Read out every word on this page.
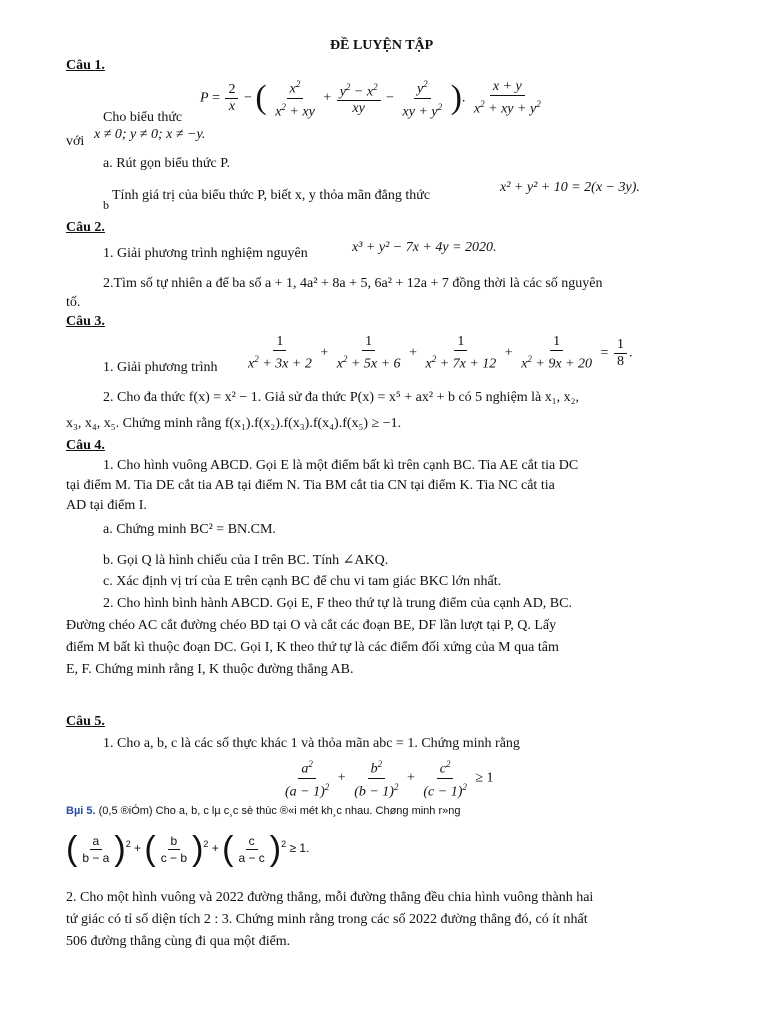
ĐỀ LUYỆN TẬP
Câu 1.
$P = \frac{2}{x}$ − ( $\frac{x^2}{x^2 + xy} + \frac{y^2 - x^2}{xy} - \frac{y^2}{xy + y^2}$ ). $\frac{x + y}{x^2 + xy + y^2}$
Cho biểu thức
với x ≠ 0; y ≠ 0; x ≠ −y.
a. Rút gọn biểu thức P.
b
Tính giá trị của biểu thức P, biết x, y thỏa mãn đẳng thức
x² + y² + 10 = 2(x − 3y).
Câu 2.
1. Giải phương trình nghiệm nguyên	x³ + y² − 7x + 4y = 2020.
2.Tìm số tự nhiên a để ba số a + 1, 4a² + 8a + 5, 6a² + 12a + 7 đồng thời là các số nguyên
tố.
Câu 3.
1. Giải phương trình $\frac{1}{x^2 + 3x + 2} + \frac{1}{x^2 + 5x + 6} + \frac{1}{x^2 + 7x + 12} + \frac{1}{x^2 + 9x + 20} = \frac{1}{8}$ .
2. Cho đa thức f(x) = x² − 1. Giả sử đa thức P(x) = x⁵ + ax² + b có 5 nghiệm là x₁, x₂,
x₃, x₄, x₅. Chứng minh rằng f(x₁).f(x₂).f(x₃).f(x₄).f(x₅) ≥ −1.
Câu 4.
1. Cho hình vuông ABCD. Gọi E là một điểm bất kì trên cạnh BC. Tia AE cắt tia DC
tại điểm M. Tia DE cắt tia AB tại điểm N. Tia BM cắt tia CN tại điểm K. Tia NC cắt tia
AD tại điểm I.
a. Chứng minh BC² = BN.CM.
b. Gọi Q là hình chiếu của I trên BC. Tính ∠AKQ.
c. Xác định vị trí của E trên cạnh BC để chu vi tam giác BKC lớn nhất.
2. Cho hình bình hành ABCD. Gọi E, F theo thứ tự là trung điểm của cạnh AD, BC.
Đường chéo AC cắt đường chéo BD tại O và cắt các đoạn BE, DF lần lượt tại P, Q. Lấy
điểm M bất kì thuộc đoạn DC. Gọi I, K theo thứ tự là các điểm đối xứng của M qua tâm
E, F. Chứng minh rằng I, K thuộc đường thẳng AB.
Câu 5.
1. Cho a, b, c là các số thực khác 1 và thỏa mãn abc = 1. Chứng minh rằng
$\frac{a^2}{(a - 1)^2} + \frac{b^2}{(b - 1)^2} + \frac{c^2}{(c - 1)^2} \ge 1$
Bµi 5. (0,5 ®iÓm) Cho a, b, c lµ c¸c sè thùc ®«i mét kh¸c nhau. Chøng minh r»ng
( $\frac{a}{b - a} )^2$ + ( $\frac{b}{c - b} )^2$ + ( $\frac{c}{a - c} )^2 \ge 1$.
2. Cho một hình vuông và 2022 đường thẳng, mỗi đường thẳng đều chia hình vuông thành hai
tứ giác có tỉ số diện tích 2 : 3. Chứng minh rằng trong các số 2022 đường thẳng đó, có ít nhất
506 đường thẳng cùng đi qua một điểm.
